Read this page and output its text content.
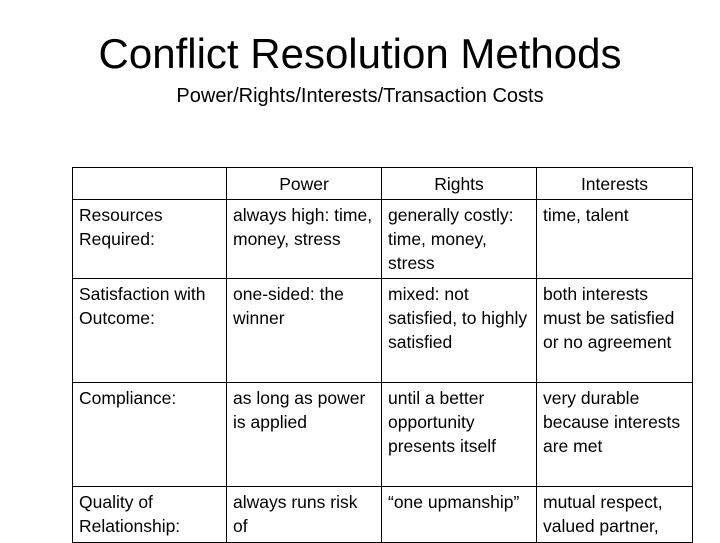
Conflict Resolution Methods
Power/Rights/Interests/Transaction Costs
	Power	Rights	Interests
Resources Required:	always high: time, money, stress	generally costly: time, money, stress	time, talent
Satisfaction with Outcome:	one-sided: the winner	mixed: not satisfied, to highly satisfied	both interests must be satisfied or no agreement
Compliance:	as long as power is applied	until a better opportunity presents itself	very durable because interests are met
Quality of Relationship:	always runs risk of	“one upmanship”	mutual respect, valued partner,
